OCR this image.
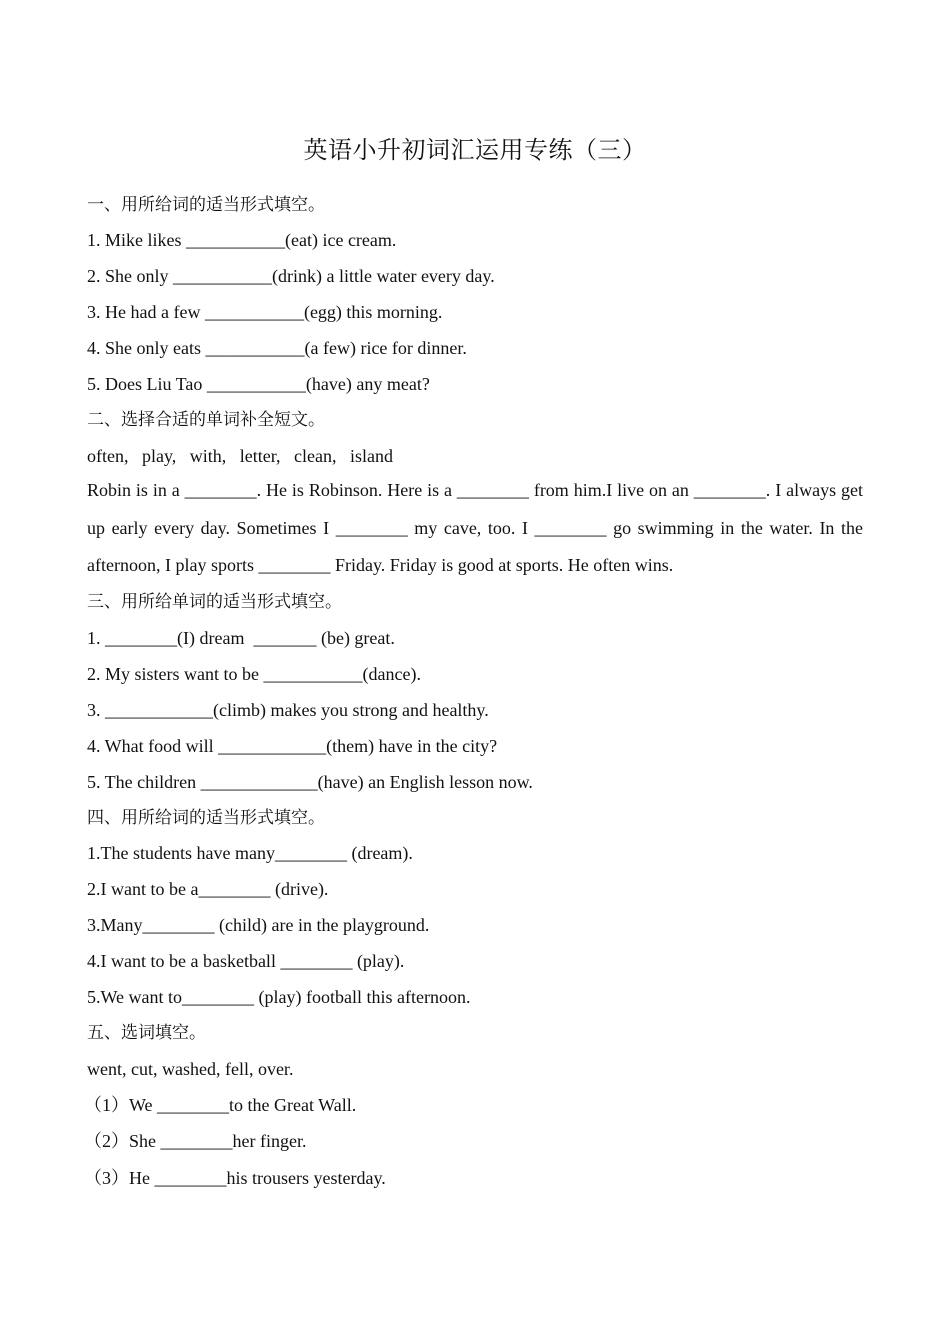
英语小升初词汇运用专练（三）
一、用所给词的适当形式填空。
1. Mike likes ___________(eat) ice cream.
2. She only ___________(drink) a little water every day.
3. He had a few ___________(egg) this morning.
4. She only eats ___________(a few) rice for dinner.
5. Does Liu Tao ___________(have) any meat?
二、选择合适的单词补全短文。
often,   play,   with,   letter,   clean,   island
Robin is in a ________. He is Robinson. Here is a ________ from him.I live on an ________. I always get up early every day. Sometimes I ________ my cave, too. I ________ go swimming in the water. In the afternoon, I play sports ________ Friday. Friday is good at sports. He often wins.
三、用所给单词的适当形式填空。
1. ________(I) dream  _______ (be) great.
2. My sisters want to be ___________(dance).
3. ____________(climb) makes you strong and healthy.
4. What food will ____________(them) have in the city?
5. The children _____________(have) an English lesson now.
四、用所给词的适当形式填空。
1.The students have many________ (dream).
2.I want to be a________ (drive).
3.Many________ (child) are in the playground.
4.I want to be a basketball ________ (play).
5.We want to________ (play) football this afternoon.
五、选词填空。
went, cut, washed, fell, over.
（1）We ________to the Great Wall.
（2）She ________her finger.
（3）He ________his trousers yesterday.
